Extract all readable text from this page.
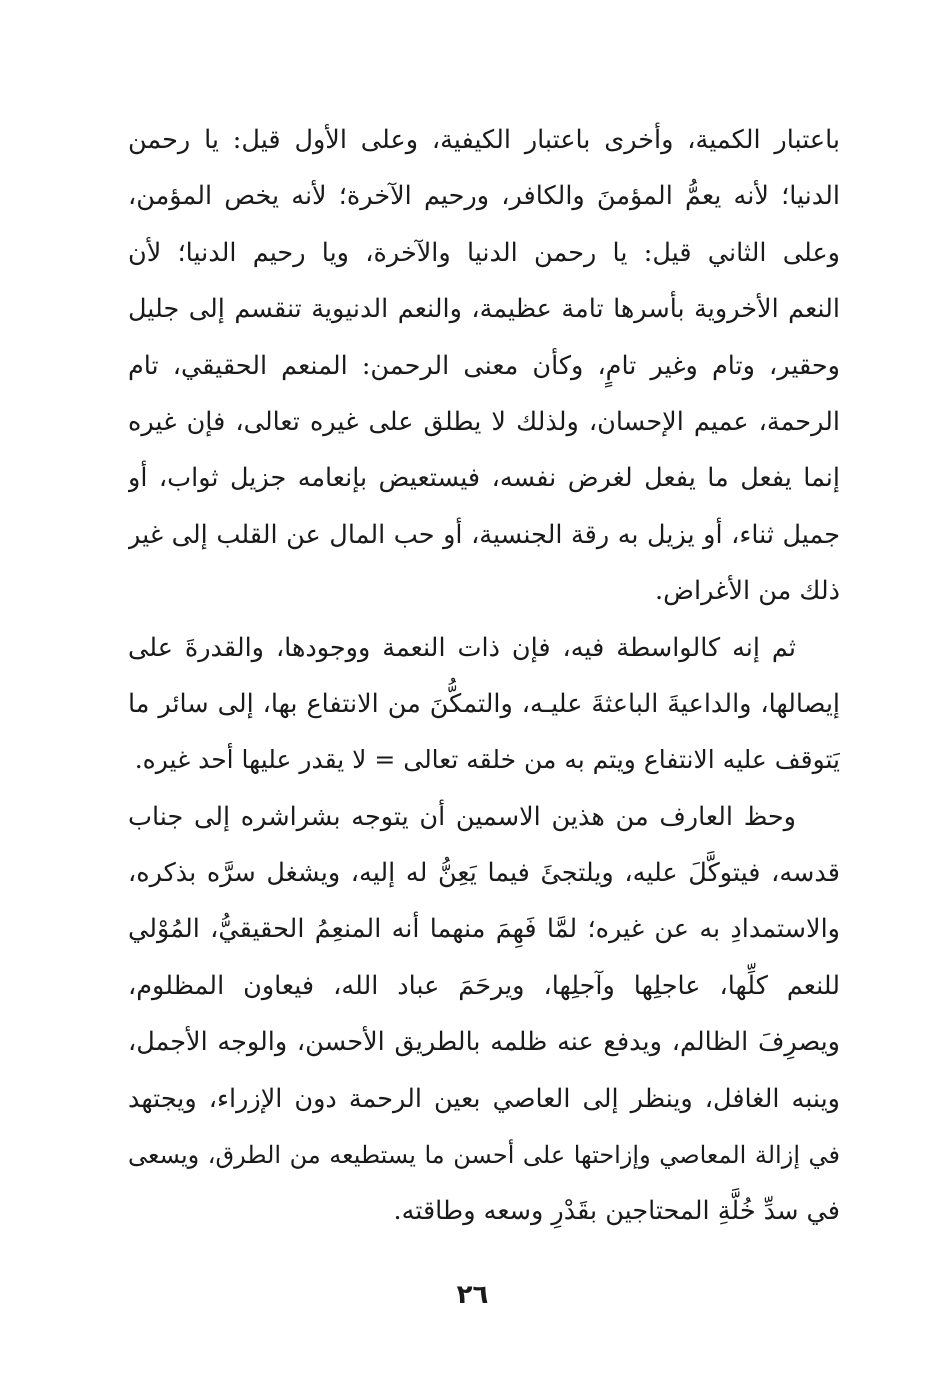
باعتبار الكمية، وأخرى باعتبار الكيفية، وعلى الأول قيل: يا رحمن
الدنيا؛ لأنه يعمُّ المؤمنَ والكافر، ورحيم الآخرة؛ لأنه يخص المؤمن،
وعلى الثاني قيل: يا رحمن الدنيا والآخرة، ويا رحيم الدنيا؛ لأن
النعم الأخروية بأسرها تامة عظيمة، والنعم الدنيوية تنقسم إلى جليل
وحقير، وتام وغير تامٍ، وكأن معنى الرحمن: المنعم الحقيقي، تام
الرحمة، عميم الإحسان، ولذلك لا يطلق على غيره تعالى، فإن غيره
إنما يفعل ما يفعل لغرض نفسه، فيستعيض بإنعامه جزيل ثواب، أو
جميل ثناء، أو يزيل به رقة الجنسية، أو حب المال عن القلب إلى غير
ذلك من الأغراض.
ثم إنه كالواسطة فيه، فإن ذات النعمة ووجودها، والقدرةَ على
إيصالها، والداعيةَ الباعثةَ عليـه، والتمكُّنَ من الانتفاع بها، إلى سائر ما
يَتوقف عليه الانتفاع ويتم به من خلقه تعالى = لا يقدر عليها أحد غيره.
وحظ العارف من هذين الاسمين أن يتوجه بشراشره إلى جناب
قدسه، فيتوكَّلَ عليه، ويلتجئَ فيما يَعِنُّ له إليه، ويشغل سرَّه بذكره،
والاستمدادِ به عن غيره؛ لمَّا فَهِمَ منهما أنه المنعِمُ الحقيقيُّ، المُوْلي
للنعم كلِّها، عاجلِها وآجلِها، ويرحَمَ عباد الله، فيعاون المظلوم،
ويصرِفَ الظالم، ويدفع عنه ظلمه بالطريق الأحسن، والوجه الأجمل،
وينبه الغافل، وينظر إلى العاصي بعين الرحمة دون الإزراء، ويجتهد
في إزالة المعاصي وإزاحتها على أحسن ما يستطيعه من الطرق، ويسعى
في سدِّ خُلَّةِ المحتاجين بقَدْرِ وسعه وطاقته.
٢٦
